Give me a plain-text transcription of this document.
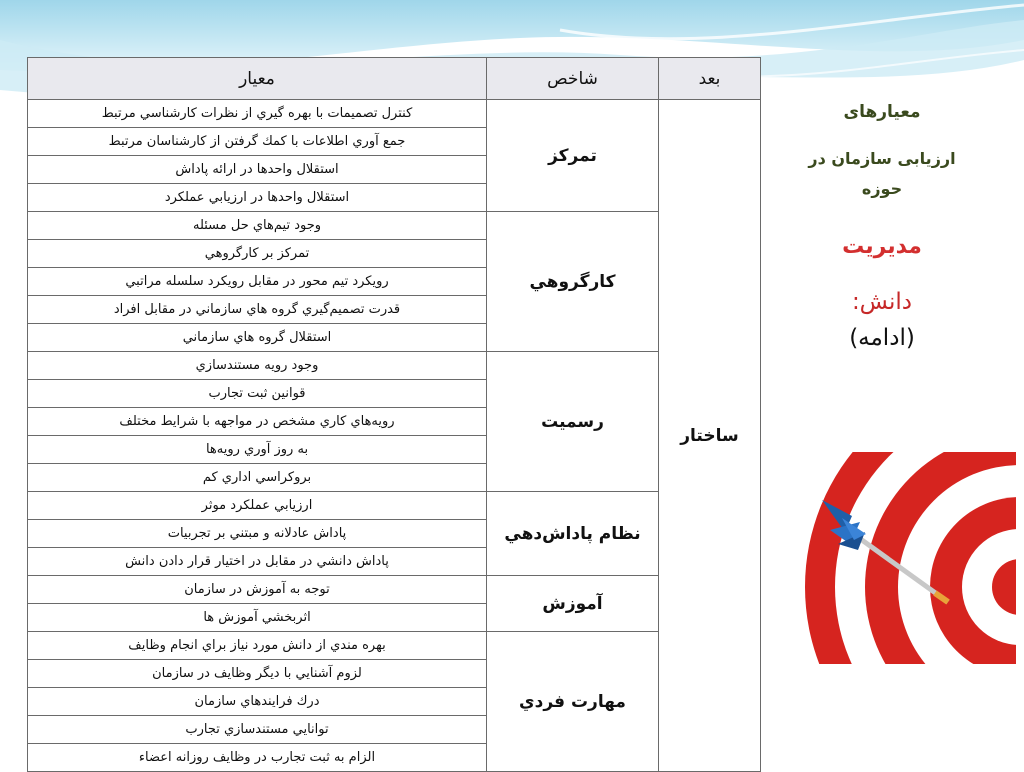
بعد	شاخص	معيار
ساختار	تمركز	كنترل تصميمات با بهره گيري از نظرات كارشناسي مرتبط
		جمع آوري اطلاعات با كمك گرفتن از كارشناسان مرتبط
		استقلال واحدها در ارائه پاداش
		استقلال واحدها در ارزيابي عملكرد
	كارگروهي	وجود تيم‌هاي حل مسئله
		تمركز بر كارگروهي
		رويكرد تيم محور در مقابل رويكرد سلسله مراتبي
		قدرت تصميم‌گيري گروه هاي سازماني در مقابل افراد
		استقلال گروه هاي سازماني
	رسميت	وجود رويه مستندسازي
		قوانين ثبت تجارب
		رويه‌هاي كاري مشخص در مواجهه با شرايط مختلف
		به روز آوري رويه‌ها
		بروكراسي اداري كم
	نظام پاداش‌دهي	ارزيابي عملكرد موثر
		پاداش عادلانه و مبتني بر تجربيات
		پاداش دانشي در مقابل در اختيار قرار دادن دانش
	آموزش	توجه به آموزش در سازمان
		اثربخشي آموزش ها
	مهارت فردي	بهره مندي از دانش مورد نياز براي انجام وظايف
		لزوم آشنايي با ديگر وظايف در سازمان
		درك فرايندهاي سازمان
		توانايي مستندسازي تجارب
		الزام به ثبت تجارب در وظايف روزانه اعضاء
معيارهای
ارزيابی سازمان در حوزه
مديريت
دانش:
(ادامه)
